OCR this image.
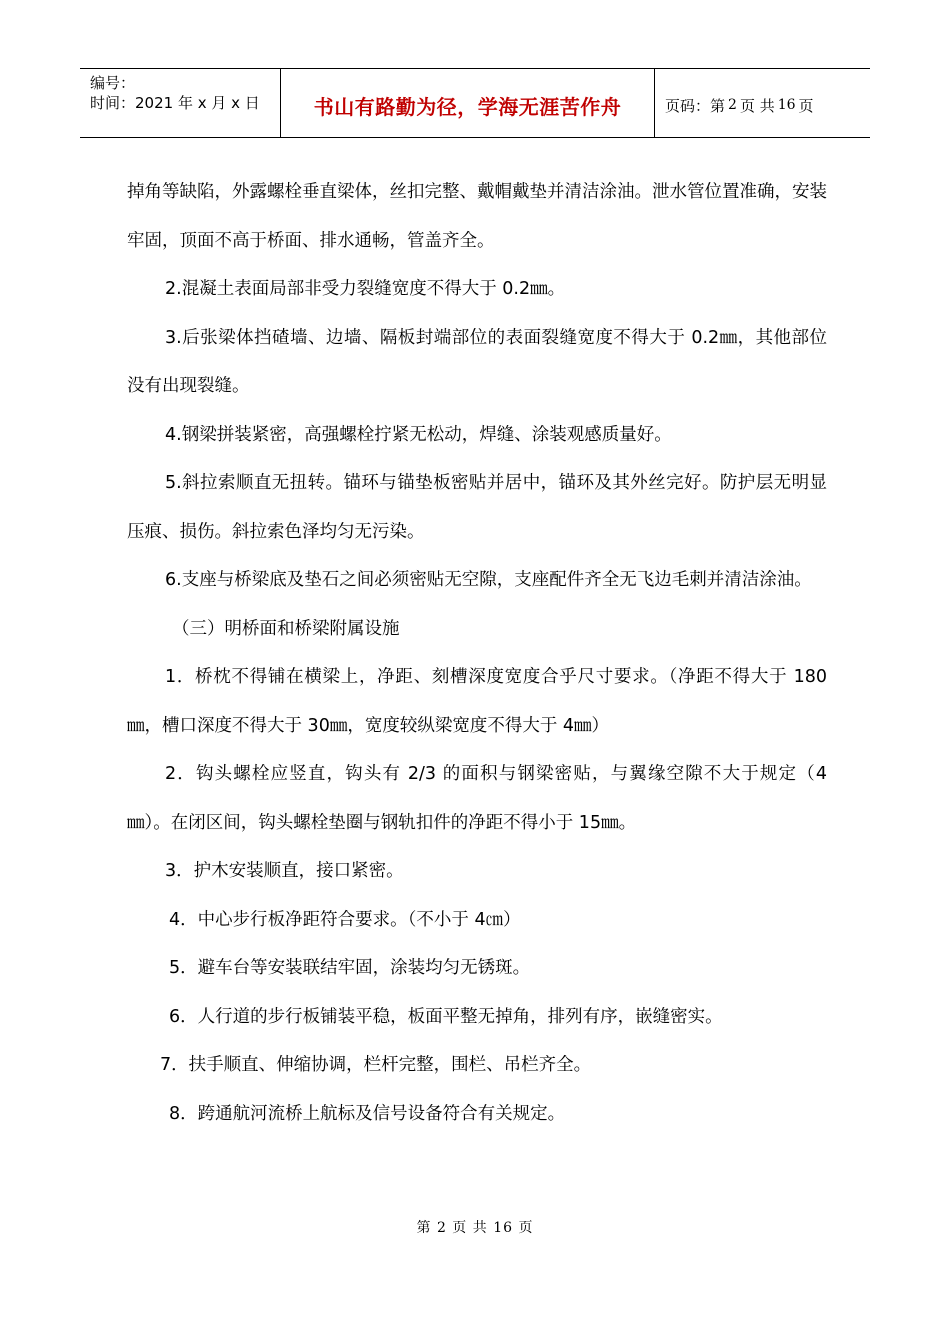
编号：
时间：2021 年 x 月 x 日	书山有路勤为径，学海无涯苦作舟	页码：第 2 页 共 16 页

掉角等缺陷，外露螺栓垂直梁体，丝扣完整、戴帽戴垫并清洁涂油。泄水管位置准确，安装牢固，顶面不高于桥面、排水通畅，管盖齐全。

2.混凝土表面局部非受力裂缝宽度不得大于 0.2㎜。

3.后张梁体挡碴墙、边墙、隔板封端部位的表面裂缝宽度不得大于 0.2㎜，其他部位没有出现裂缝。

4.钢梁拼装紧密，高强螺栓拧紧无松动，焊缝、涂装观感质量好。

5.斜拉索顺直无扭转。锚环与锚垫板密贴并居中，锚环及其外丝完好。防护层无明显压痕、损伤。斜拉索色泽均匀无污染。

6.支座与桥梁底及垫石之间必须密贴无空隙，支座配件齐全无飞边毛刺并清洁涂油。

（三）明桥面和桥梁附属设施

1．桥枕不得铺在横梁上，净距、刻槽深度宽度合乎尺寸要求。（净距不得大于 180㎜，槽口深度不得大于 30㎜，宽度较纵梁宽度不得大于 4㎜）

2．钩头螺栓应竖直，钩头有 2/3 的面积与钢梁密贴，与翼缘空隙不大于规定（4㎜）。在闭区间，钩头螺栓垫圈与钢轨扣件的净距不得小于 15㎜。

3．护木安装顺直，接口紧密。

4．中心步行板净距符合要求。（不小于 4㎝）

5．避车台等安装联结牢固，涂装均匀无锈斑。

6．人行道的步行板铺装平稳，板面平整无掉角，排列有序，嵌缝密实。

7．扶手顺直、伸缩协调，栏杆完整，围栏、吊栏齐全。

8．跨通航河流桥上航标及信号设备符合有关规定。

第 2 页 共 16 页
